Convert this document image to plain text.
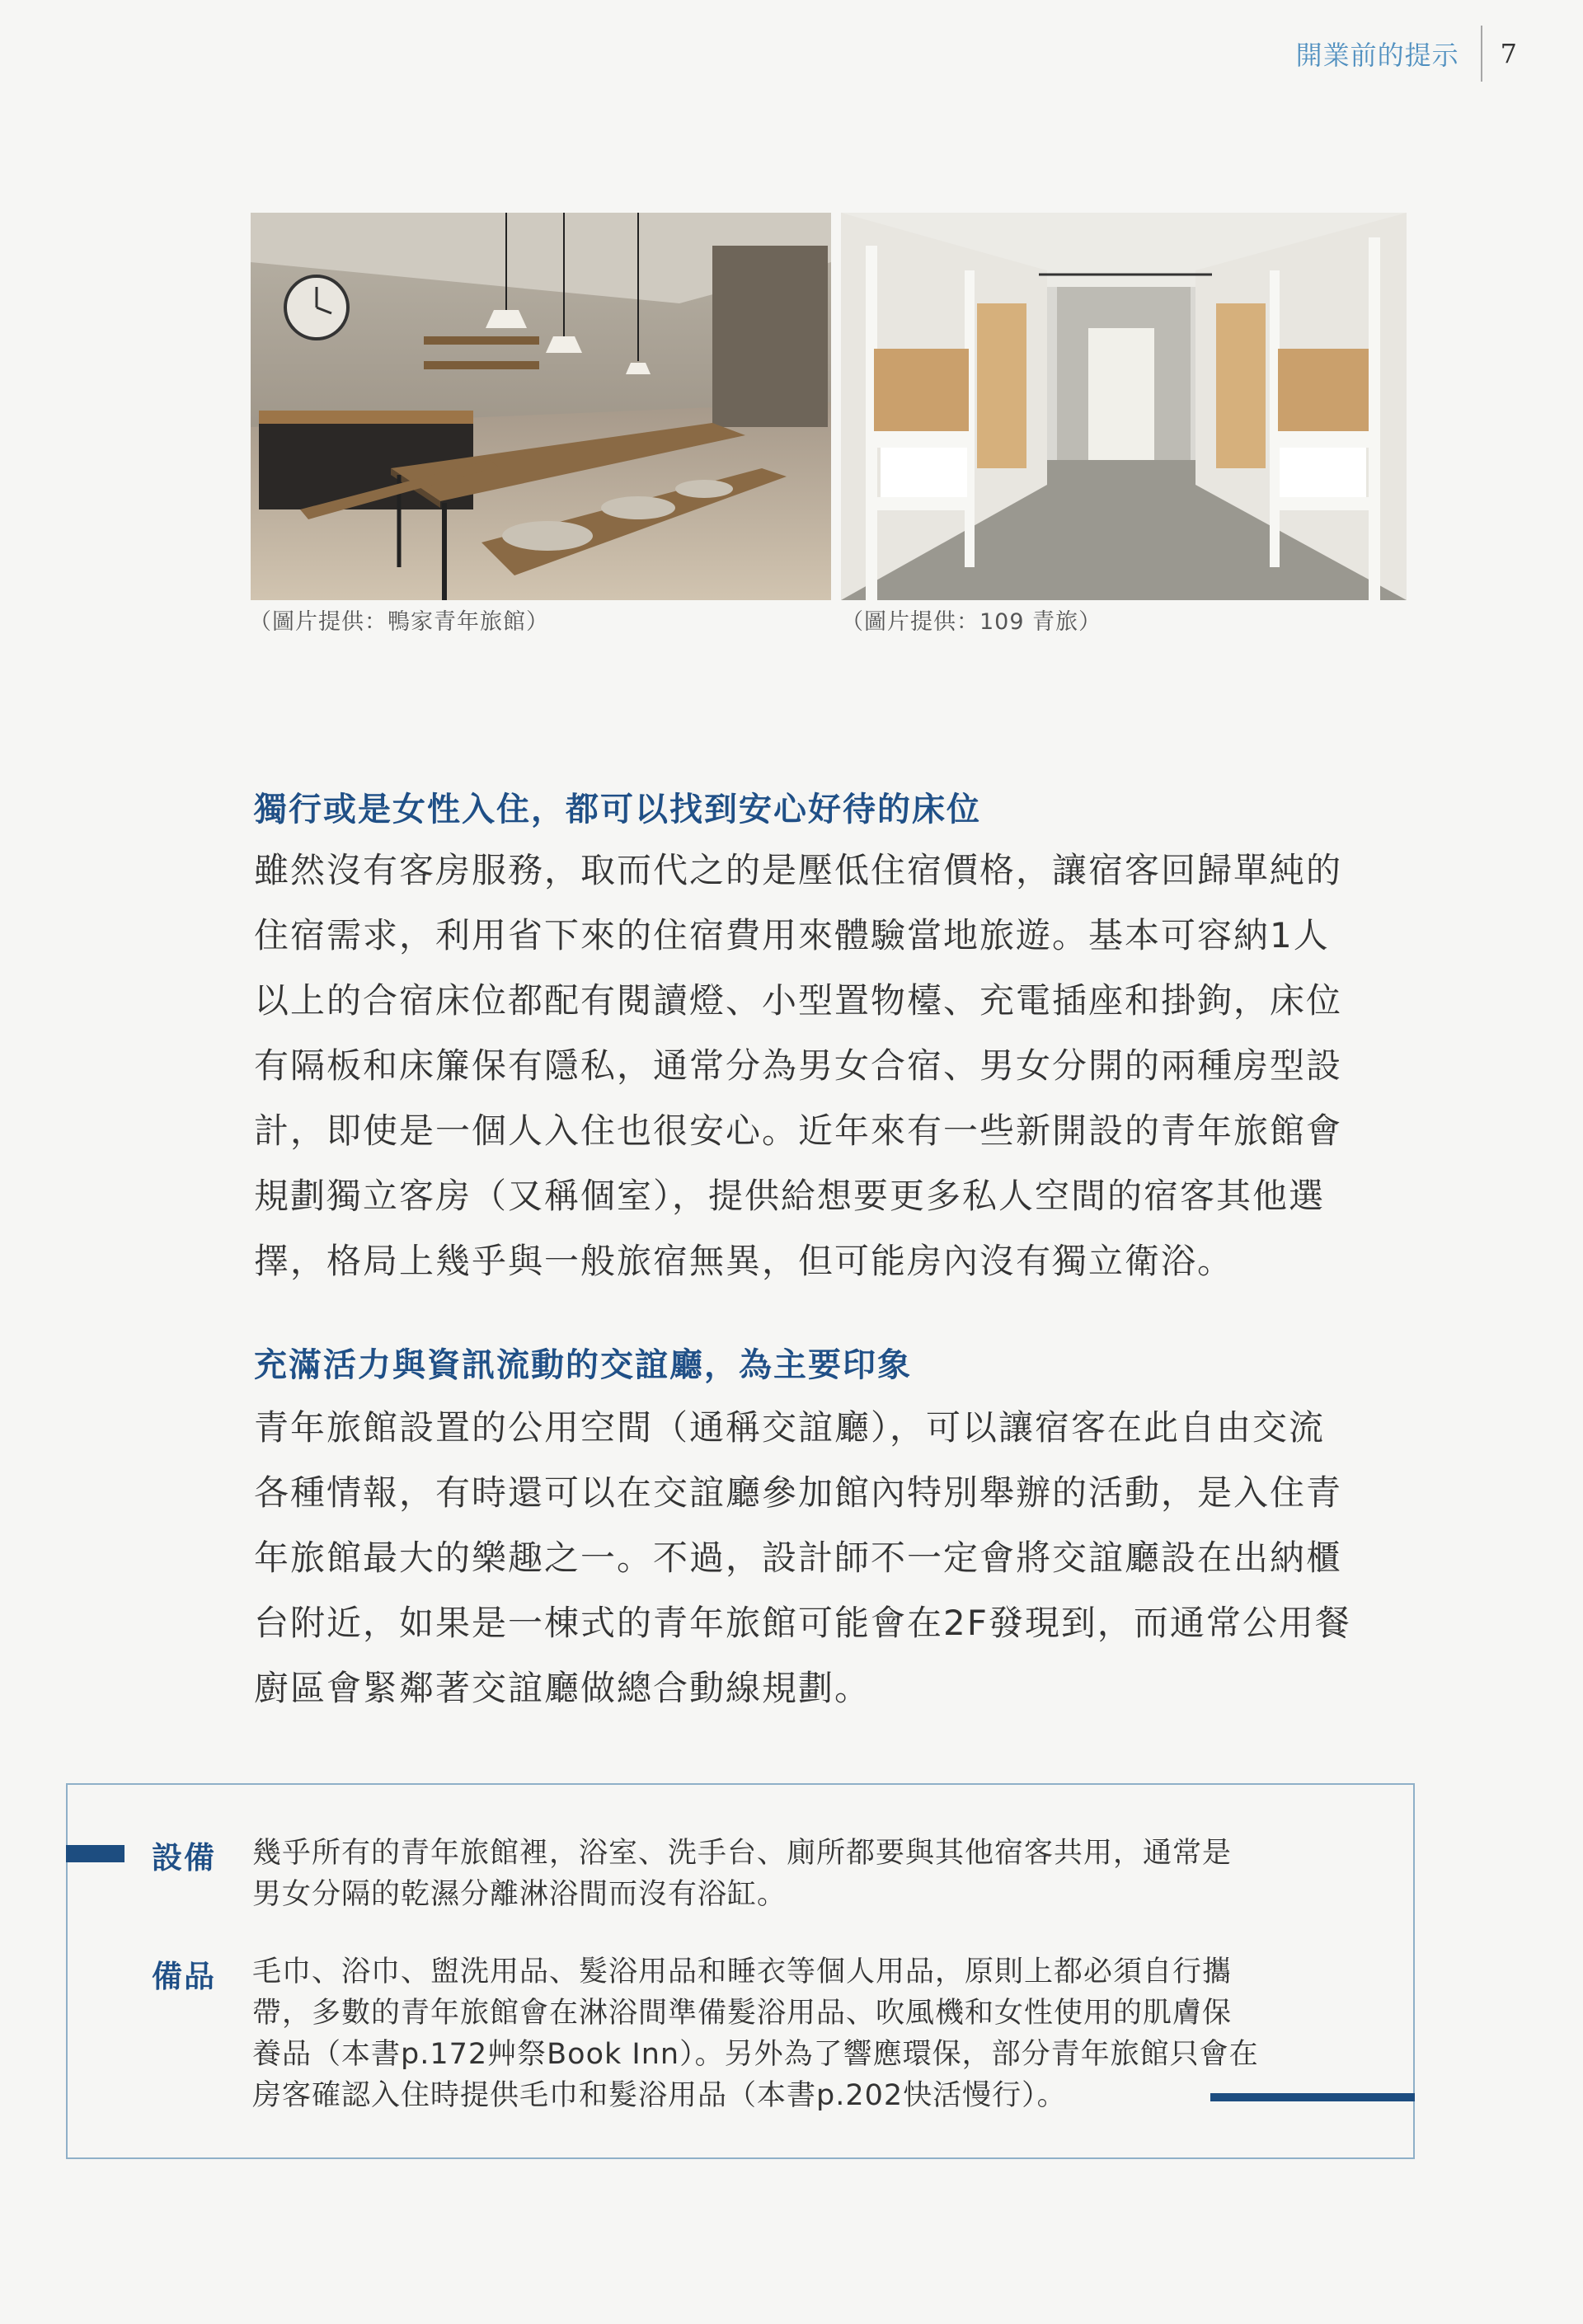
開業前的提示 7
（圖片提供：鴨家青年旅館）	（圖片提供：109 青旅）
獨行或是女性入住，都可以找到安心好待的床位
雖然沒有客房服務，取而代之的是壓低住宿價格，讓宿客回歸單純的
住宿需求，利用省下來的住宿費用來體驗當地旅遊。基本可容納1人
以上的合宿床位都配有閱讀燈、小型置物檯、充電插座和掛鉤，床位
有隔板和床簾保有隱私，通常分為男女合宿、男女分開的兩種房型設
計，即使是一個人入住也很安心。近年來有一些新開設的青年旅館會
規劃獨立客房（又稱個室），提供給想要更多私人空間的宿客其他選
擇，格局上幾乎與一般旅宿無異，但可能房內沒有獨立衛浴。
充滿活力與資訊流動的交誼廳，為主要印象
青年旅館設置的公用空間（通稱交誼廳），可以讓宿客在此自由交流
各種情報，有時還可以在交誼廳參加館內特別舉辦的活動，是入住青
年旅館最大的樂趣之一。不過，設計師不一定會將交誼廳設在出納櫃
台附近，如果是一棟式的青年旅館可能會在2F發現到，而通常公用餐
廚區會緊鄰著交誼廳做總合動線規劃。
設備 幾乎所有的青年旅館裡，浴室、洗手台、廁所都要與其他宿客共用，通常是
男女分隔的乾濕分離淋浴間而沒有浴缸。
備品 毛巾、浴巾、盥洗用品、髮浴用品和睡衣等個人用品，原則上都必須自行攜
帶，多數的青年旅館會在淋浴間準備髮浴用品、吹風機和女性使用的肌膚保
養品（本書p.172艸祭Book Inn）。另外為了響應環保，部分青年旅館只會在
房客確認入住時提供毛巾和髮浴用品（本書p.202快活慢行）。
